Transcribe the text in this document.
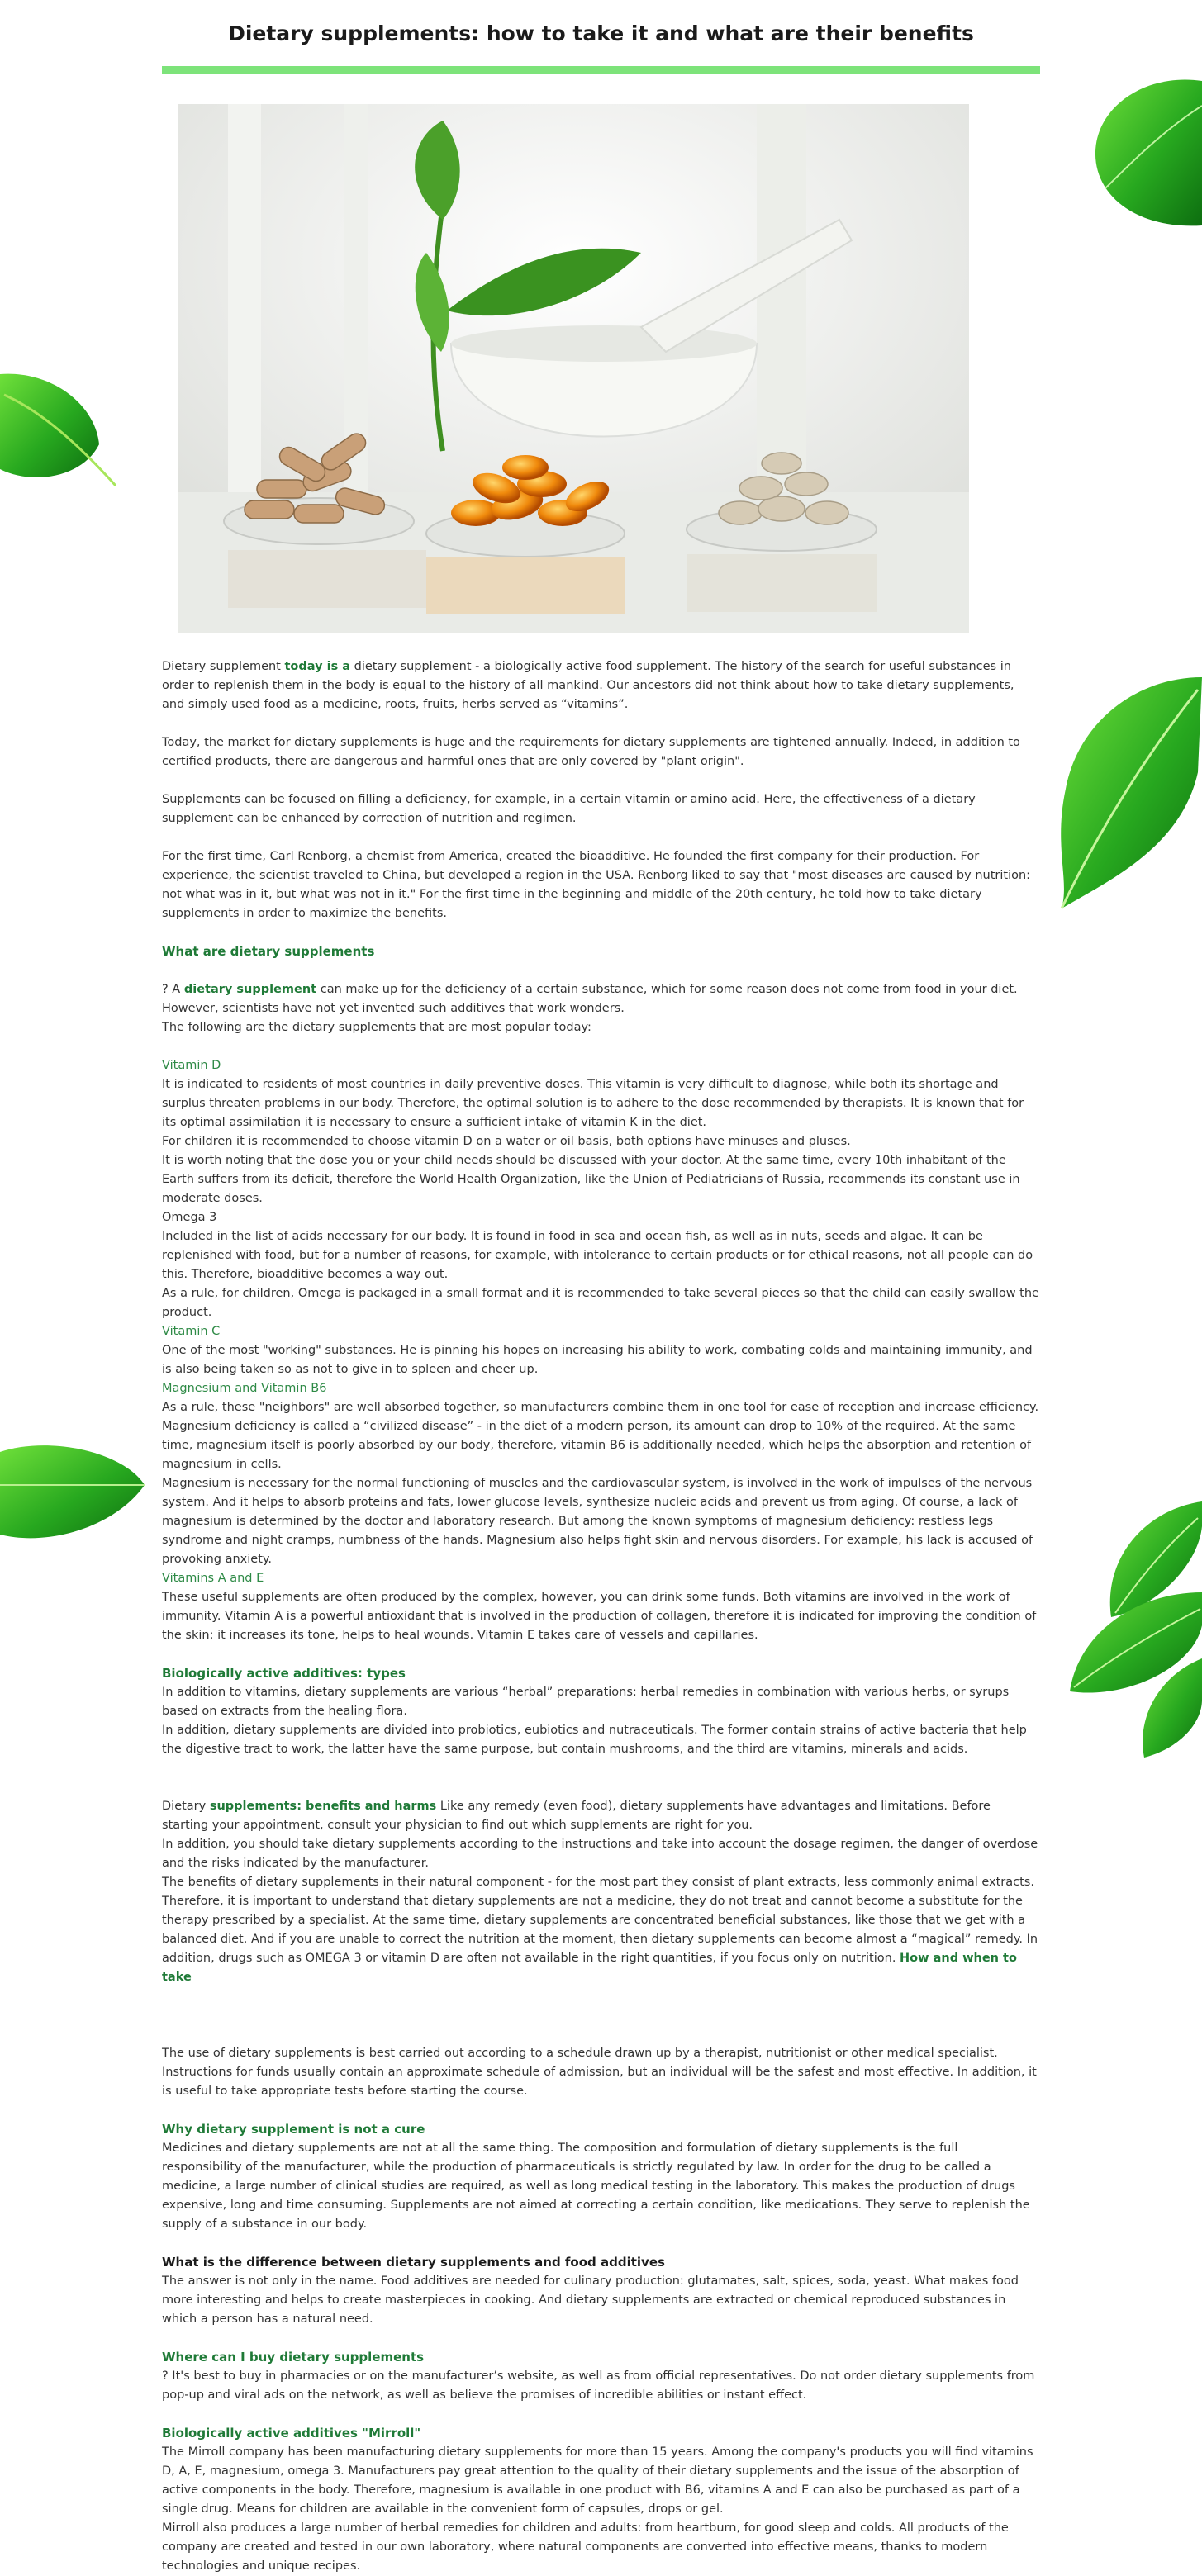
Dietary supplements: how to take it and what are their benefits

Dietary supplement today is a dietary supplement - a biologically active food supplement. The history of the search for useful substances in order to replenish them in the body is equal to the history of all mankind. Our ancestors did not think about how to take dietary supplements, and simply used food as a medicine, roots, fruits, herbs served as “vitamins”.

Today, the market for dietary supplements is huge and the requirements for dietary supplements are tightened annually. Indeed, in addition to certified products, there are dangerous and harmful ones that are only covered by "plant origin".

Supplements can be focused on filling a deficiency, for example, in a certain vitamin or amino acid. Here, the effectiveness of a dietary supplement can be enhanced by correction of nutrition and regimen.

For the first time, Carl Renborg, a chemist from America, created the bioadditive. He founded the first company for their production. For experience, the scientist traveled to China, but developed a region in the USA. Renborg liked to say that "most diseases are caused by nutrition: not what was in it, but what was not in it." For the first time in the beginning and middle of the 20th century, he told how to take dietary supplements in order to maximize the benefits.

What are dietary supplements

? A dietary supplement can make up for the deficiency of a certain substance, which for some reason does not come from food in your diet. However, scientists have not yet invented such additives that work wonders.

The following are the dietary supplements that are most popular today:

Vitamin D
It is indicated to residents of most countries in daily preventive doses. This vitamin is very difficult to diagnose, while both its shortage and surplus threaten problems in our body. Therefore, the optimal solution is to adhere to the dose recommended by therapists. It is known that for its optimal assimilation it is necessary to ensure a sufficient intake of vitamin K in the diet.
For children it is recommended to choose vitamin D on a water or oil basis, both options have minuses and pluses.
It is worth noting that the dose you or your child needs should be discussed with your doctor. At the same time, every 10th inhabitant of the Earth suffers from its deficit, therefore the World Health Organization, like the Union of Pediatricians of Russia, recommends its constant use in moderate doses.
Omega 3
Included in the list of acids necessary for our body. It is found in food in sea and ocean fish, as well as in nuts, seeds and algae. It can be replenished with food, but for a number of reasons, for example, with intolerance to certain products or for ethical reasons, not all people can do this. Therefore, bioadditive becomes a way out.
As a rule, for children, Omega is packaged in a small format and it is recommended to take several pieces so that the child can easily swallow the product.
Vitamin C
One of the most "working" substances. He is pinning his hopes on increasing his ability to work, combating colds and maintaining immunity, and is also being taken so as not to give in to spleen and cheer up.
Magnesium and Vitamin B6
As a rule, these "neighbors" are well absorbed together, so manufacturers combine them in one tool for ease of reception and increase efficiency.
Magnesium deficiency is called a “civilized disease” - in the diet of a modern person, its amount can drop to 10% of the required. At the same time, magnesium itself is poorly absorbed by our body, therefore, vitamin B6 is additionally needed, which helps the absorption and retention of magnesium in cells.
Magnesium is necessary for the normal functioning of muscles and the cardiovascular system, is involved in the work of impulses of the nervous system. And it helps to absorb proteins and fats, lower glucose levels, synthesize nucleic acids and prevent us from aging. Of course, a lack of magnesium is determined by the doctor and laboratory research. But among the known symptoms of magnesium deficiency: restless legs syndrome and night cramps, numbness of the hands. Magnesium also helps fight skin and nervous disorders. For example, his lack is accused of provoking anxiety.
Vitamins A and E

These useful supplements are often produced by the complex, however, you can drink some funds. Both vitamins are involved in the work of immunity. Vitamin A is a powerful antioxidant that is involved in the production of collagen, therefore it is indicated for improving the condition of the skin: it increases its tone, helps to heal wounds. Vitamin E takes care of vessels and capillaries.

Biologically active additives: types
In addition to vitamins, dietary supplements are various “herbal” preparations: herbal remedies in combination with various herbs, or syrups based on extracts from the healing flora.
In addition, dietary supplements are divided into probiotics, eubiotics and nutraceuticals. The former contain strains of active bacteria that help the digestive tract to work, the latter have the same purpose, but contain mushrooms, and the third are vitamins, minerals and acids.
Dietary supplements: benefits and harms Like any remedy (even food), dietary supplements have advantages and limitations. Before starting your appointment, consult your physician to find out which supplements are right for you.
In addition, you should take dietary supplements according to the instructions and take into account the dosage regimen, the danger of overdose and the risks indicated by the manufacturer.
The benefits of dietary supplements in their natural component - for the most part they consist of plant extracts, less commonly animal extracts. Therefore, it is important to understand that dietary supplements are not a medicine, they do not treat and cannot become a substitute for the therapy prescribed by a specialist. At the same time, dietary supplements are concentrated beneficial substances, like those that we get with a balanced diet. And if you are unable to correct the nutrition at the moment, then dietary supplements can become almost a “magical” remedy. In addition, drugs such as OMEGA 3 or vitamin D are often not available in the right quantities, if you focus only on nutrition. How and when to take

The use of dietary supplements is best carried out according to a schedule drawn up by a therapist, nutritionist or other medical specialist. Instructions for funds usually contain an approximate schedule of admission, but an individual will be the safest and most effective. In addition, it is useful to take appropriate tests before starting the course.

Why dietary supplement is not a cure

Medicines and dietary supplements are not at all the same thing. The composition and formulation of dietary supplements is the full responsibility of the manufacturer, while the production of pharmaceuticals is strictly regulated by law. In order for the drug to be called a medicine, a large number of clinical studies are required, as well as long medical testing in the laboratory. This makes the production of drugs expensive, long and time consuming. Supplements are not aimed at correcting a certain condition, like medications. They serve to replenish the supply of a substance in our body.

What is the difference between dietary supplements and food additives

The answer is not only in the name. Food additives are needed for culinary production: glutamates, salt, spices, soda, yeast. What makes food more interesting and helps to create masterpieces in cooking. And dietary supplements are extracted or chemical reproduced substances in which a person has a natural need.

Where can I buy dietary supplements

? It's best to buy in pharmacies or on the manufacturer’s website, as well as from official representatives. Do not order dietary supplements from pop-up and viral ads on the network, as well as believe the promises of incredible abilities or instant effect.

Biologically active additives "Mirroll"
The Mirroll company has been manufacturing dietary supplements for more than 15 years. Among the company's products you will find vitamins D, A, E, magnesium, omega 3. Manufacturers pay great attention to the quality of their dietary supplements and the issue of the absorption of active components in the body. Therefore, magnesium is available in one product with B6, vitamins A and E can also be purchased as part of a single drug. Means for children are available in the convenient form of capsules, drops or gel.
Mirroll also produces a large number of herbal remedies for children and adults: from heartburn, for good sleep and colds. All products of the company are created and tested in our own laboratory, where natural components are converted into effective means, thanks to modern technologies and unique recipes.
